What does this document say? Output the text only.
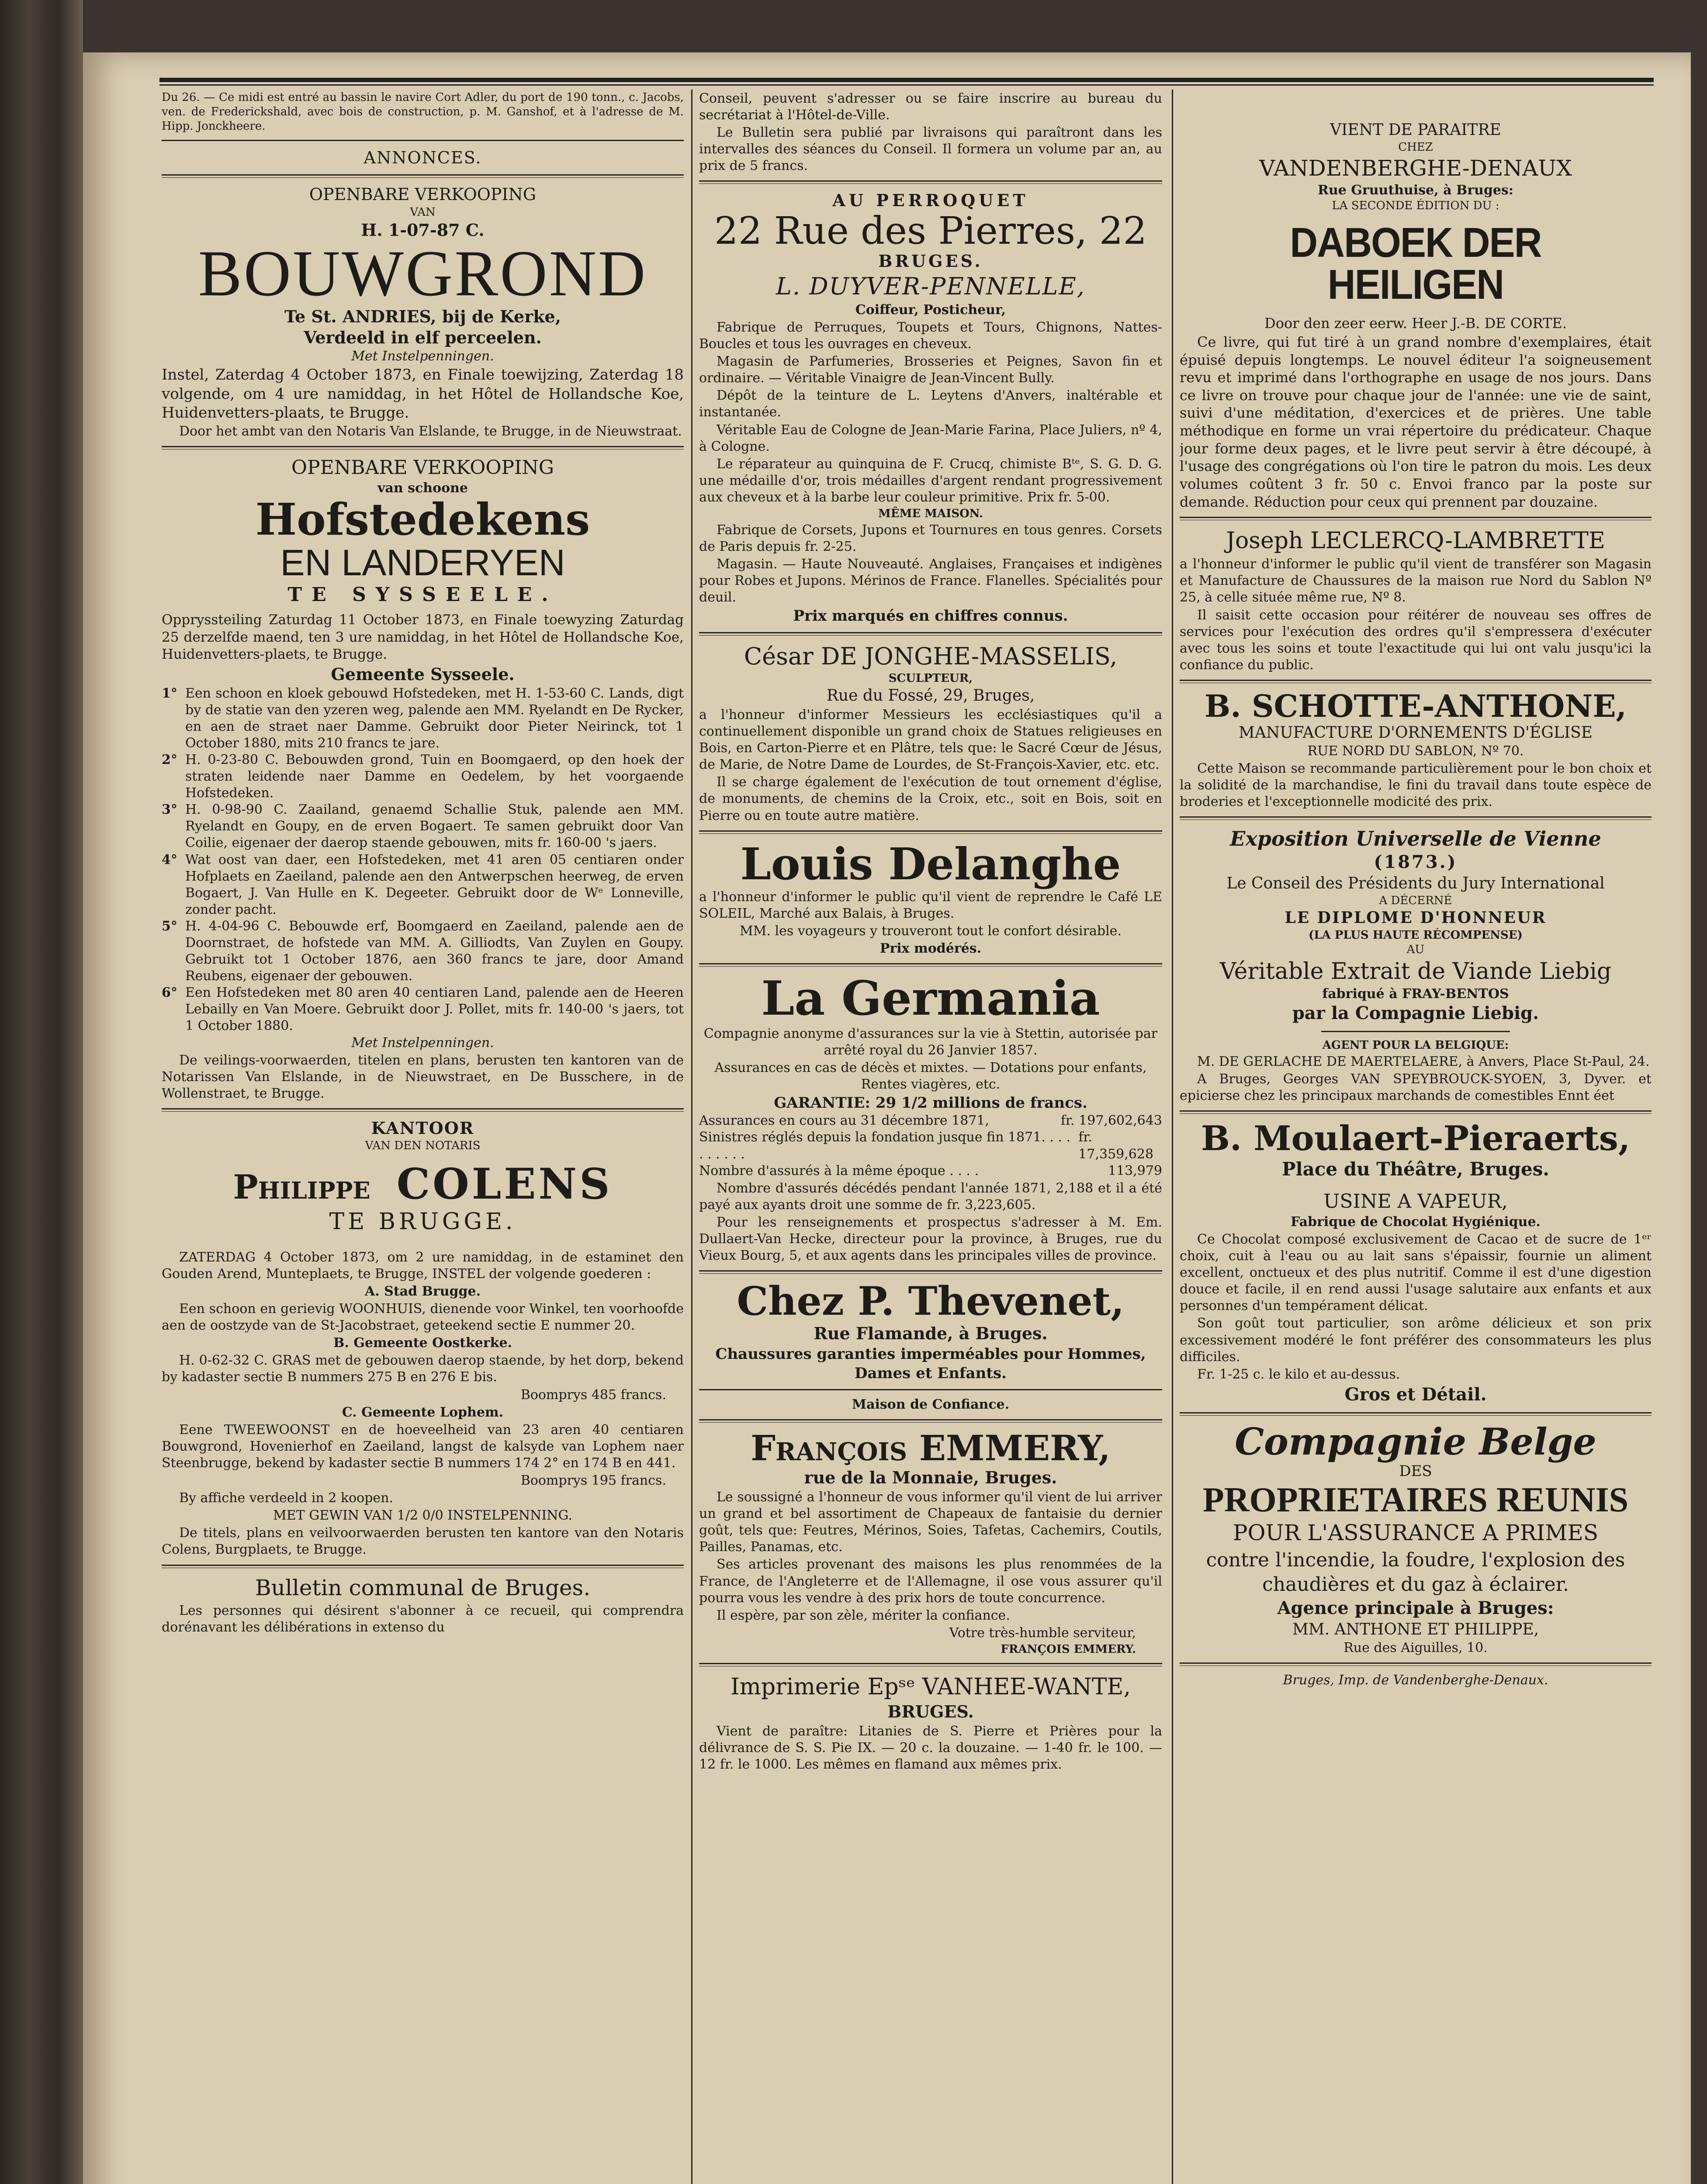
Du 26. — Ce midi est entré au bassin le navire Cort Adler, du port de 190 tonn., c. Jacobs, ven. de Frederickshald, avec bois de construction, p. M. Ganshof, et à l'adresse de M. Hipp. Jonckheere.

ANNONCES.
OPENBARE VERKOOPING
VAN
H. 1-07-87 C.
BOUWGROND
Te St. ANDRIES, bij de Kerke,
Verdeeld in elf perceelen.
Met Instelpenningen.

Instel, Zaterdag 4 October 1873, en Finale toewijzing, Zaterdag 18 volgende, om 4 ure namiddag, in het Hôtel de Hollandsche Koe, Huidenvetters-plaats, te Brugge.

Door het ambt van den Notaris Van Elslande, te Brugge, in de Nieuwstraat.

OPENBARE VERKOOPING
van schoone
Hofstedekens
EN LANDERYEN
TE SYSSEELE.

Oppryssteiling Zaturdag 11 October 1873, en Finale toewyzing Zaturdag 25 derzelfde maend, ten 3 ure namiddag, in het Hôtel de Hollandsche Koe, Huidenvetters-plaets, te Brugge.

Gemeente Sysseele.
1° Een schoon en kloek gebouwd Hofstedeken, met H. 1-53-60 C. Lands, digt by de statie van den yzeren weg, palende aen MM. Ryelandt en De Rycker, en aen de straet naer Damme. Gebruikt door Pieter Neirinck, tot 1 October 1880, mits 210 francs te jare.
2° H. 0-23-80 C. Bebouwden grond, Tuin en Boomgaerd, op den hoek der straten leidende naer Damme en Oedelem, by het voorgaende Hofstedeken.
3° H. 0-98-90 C. Zaailand, genaemd Schallie Stuk, palende aen MM. Ryelandt en Goupy, en de erven Bogaert. Te samen gebruikt door Van Coilie, eigenaer der daerop staende gebouwen, mits fr. 160-00 's jaers.
4° Wat oost van daer, een Hofstedeken, met 41 aren 05 centiaren onder Hofplaets en Zaeiland, palende aen den Antwerpschen heerweg, de erven Bogaert, J. Van Hulle en K. Degeeter. Gebruikt door de Wᵉ Lonneville, zonder pacht.
5° H. 4-04-96 C. Bebouwde erf, Boomgaerd en Zaeiland, palende aen de Doornstraet, de hofstede van MM. A. Gilliodts, Van Zuylen en Goupy. Gebruikt tot 1 October 1876, aen 360 francs te jare, door Amand Reubens, eigenaer der gebouwen.
6° Een Hofstedeken met 80 aren 40 centiaren Land, palende aen de Heeren Lebailly en Van Moere. Gebruikt door J. Pollet, mits fr. 140-00 's jaers, tot 1 October 1880.
Met Instelpenningen.

De veilings-voorwaerden, titelen en plans, berusten ten kantoren van de Notarissen Van Elslande, in de Nieuwstraet, en De Busschere, in de Wollenstraet, te Brugge.

KANTOOR
VAN DEN NOTARIS
Philippe COLENS
TE BRUGGE.

ZATERDAG 4 October 1873, om 2 ure namiddag, in de estaminet den Gouden Arend, Munteplaets, te Brugge, INSTEL der volgende goederen :

A. Stad Brugge.

Een schoon en gerievig WOONHUIS, dienende voor Winkel, ten voorhoofde aen de oostzyde van de St-Jacobstraet, geteekend sectie E nummer 20.

B. Gemeente Oostkerke.

H. 0-62-32 C. GRAS met de gebouwen daerop staende, by het dorp, bekend by kadaster sectie B nummers 275 B en 276 E bis.

Boomprys 485 francs.

C. Gemeente Lophem.

Eene TWEEWOONST en de hoeveelheid van 23 aren 40 centiaren Bouwgrond, Hovenierhof en Zaeiland, langst de kalsyde van Lophem naer Steenbrugge, bekend by kadaster sectie B nummers 174 2° en 174 B en 441.

Boomprys 195 francs.

By affiche verdeeld in 2 koopen.

MET GEWIN VAN 1/2 0/0 INSTELPENNING.

De titels, plans en veilvoorwaerden berusten ten kantore van den Notaris Colens, Burgplaets, te Brugge.

Bulletin communal de Bruges.

Les personnes qui désirent s'abonner à ce recueil, qui comprendra dorénavant les délibérations in extenso du

Conseil, peuvent s'adresser ou se faire inscrire au bureau du secrétariat à l'Hôtel-de-Ville.

Le Bulletin sera publié par livraisons qui paraîtront dans les intervalles des séances du Conseil. Il formera un volume par an, au prix de 5 francs.

AU PERROQUET
22 Rue des Pierres, 22
BRUGES.
L. DUYVER-PENNELLE,
Coiffeur, Posticheur,

Fabrique de Perruques, Toupets et Tours, Chignons, Nattes-Boucles et tous les ouvrages en cheveux.

Magasin de Parfumeries, Brosseries et Peignes, Savon fin et ordinaire. — Véritable Vinaigre de Jean-Vincent Bully.

Dépôt de la teinture de L. Leytens d'Anvers, inaltérable et instantanée.

Véritable Eau de Cologne de Jean-Marie Farina, Place Juliers, nº 4, à Cologne.

Le réparateur au quinquina de F. Crucq, chimiste Bᵗᵉ, S. G. D. G. une médaille d'or, trois médailles d'argent rendant progressivement aux cheveux et à la barbe leur couleur primitive. Prix fr. 5-00.

MÊME MAISON.

Fabrique de Corsets, Jupons et Tournures en tous genres. Corsets de Paris depuis fr. 2-25.

Magasin. — Haute Nouveauté. Anglaises, Françaises et indigènes pour Robes et Jupons. Mérinos de France. Flanelles. Spécialités pour deuil.

Prix marqués en chiffres connus.
César DE JONGHE-MASSELIS,
SCULPTEUR,
Rue du Fossé, 29, Bruges,

a l'honneur d'informer Messieurs les ecclésiastiques qu'il a continuellement disponible un grand choix de Statues religieuses en Bois, en Carton-Pierre et en Plâtre, tels que: le Sacré Cœur de Jésus, de Marie, de Notre Dame de Lourdes, de St-François-Xavier, etc. etc.

Il se charge également de l'exécution de tout ornement d'église, de monuments, de chemins de la Croix, etc., soit en Bois, soit en Pierre ou en toute autre matière.

Louis Delanghe

a l'honneur d'informer le public qu'il vient de reprendre le Café LE SOLEIL, Marché aux Balais, à Bruges.

MM. les voyageurs y trouveront tout le confort désirable.

Prix modérés.
La Germania

Compagnie anonyme d'assurances sur la vie à Stettin, autorisée par arrêté royal du 26 Janvier 1857.

Assurances en cas de décès et mixtes. — Dotations pour enfants, Rentes viagères, etc.

GARANTIE: 29 1/2 millions de francs.
Assurances en cours au 31 décembre 1871,	fr. 197,602,643
Sinistres réglés depuis la fondation jusque fin 1871. . . . . . . . . .
fr. 17,359,628
Nombre d'assurés à la même époque . . . .	113,979

Nombre d'assurés décédés pendant l'année 1871, 2,188 et il a été payé aux ayants droit une somme de fr. 3,223,605.

Pour les renseignements et prospectus s'adresser à M. Em. Dullaert-Van Hecke, directeur pour la province, à Bruges, rue du Vieux Bourg, 5, et aux agents dans les principales villes de province.

Chez P. Thevenet,
Rue Flamande, à Bruges.

Chaussures garanties imperméables pour Hommes, Dames et Enfants.

Maison de Confiance.
François EMMERY,
rue de la Monnaie, Bruges.

Le soussigné a l'honneur de vous informer qu'il vient de lui arriver un grand et bel assortiment de Chapeaux de fantaisie du dernier goût, tels que: Feutres, Mérinos, Soies, Tafetas, Cachemirs, Coutils, Pailles, Panamas, etc.

Ses articles provenant des maisons les plus renommées de la France, de l'Angleterre et de l'Allemagne, il ose vous assurer qu'il pourra vous les vendre à des prix hors de toute concurrence.

Il espère, par son zèle, mériter la confiance.

Votre très-humble serviteur,

FRANÇOIS EMMERY.

Imprimerie Epˢᵉ VANHEE-WANTE,
BRUGES.

Vient de paraître: Litanies de S. Pierre et Prières pour la délivrance de S. S. Pie IX. — 20 c. la douzaine. — 1-40 fr. le 100. — 12 fr. le 1000. Les mêmes en flamand aux mêmes prix.

VIENT DE PARAITRE
CHEZ
VANDENBERGHE-DENAUX
Rue Gruuthuise, à Bruges:
LA SECONDE ÉDITION DU :
DABOEK DER HEILIGEN
Door den zeer eerw. Heer J.-B. DE CORTE.

Ce livre, qui fut tiré à un grand nombre d'exemplaires, était épuisé depuis longtemps. Le nouvel éditeur l'a soigneusement revu et imprimé dans l'orthographe en usage de nos jours. Dans ce livre on trouve pour chaque jour de l'année: une vie de saint, suivi d'une méditation, d'exercices et de prières. Une table méthodique en forme un vrai répertoire du prédicateur. Chaque jour forme deux pages, et le livre peut servir à être découpé, à l'usage des congrégations où l'on tire le patron du mois. Les deux volumes coûtent 3 fr. 50 c. Envoi franco par la poste sur demande. Réduction pour ceux qui prennent par douzaine.

Joseph LECLERCQ-LAMBRETTE

a l'honneur d'informer le public qu'il vient de transférer son Magasin et Manufacture de Chaussures de la maison rue Nord du Sablon Nº 25, à celle située même rue, Nº 8.

Il saisit cette occasion pour réitérer de nouveau ses offres de services pour l'exécution des ordres qu'il s'empressera d'exécuter avec tous les soins et toute l'exactitude qui lui ont valu jusqu'ici la confiance du public.

B. SCHOTTE-ANTHONE,
MANUFACTURE D'ORNEMENTS D'ÉGLISE
RUE NORD DU SABLON, Nº 70.

Cette Maison se recommande particulièrement pour le bon choix et la solidité de la marchandise, le fini du travail dans toute espèce de broderies et l'exceptionnelle modicité des prix.

Exposition Universelle de Vienne
(1873.)
Le Conseil des Présidents du Jury International
A DÉCERNÉ
LE DIPLOME D'HONNEUR
(LA PLUS HAUTE RÉCOMPENSE)
AU
Véritable Extrait de Viande Liebig
fabriqué à FRAY-BENTOS
par la Compagnie Liebig.
AGENT POUR LA BELGIQUE:

M. DE GERLACHE DE MAERTELAERE, à Anvers, Place St-Paul, 24.

A Bruges, Georges VAN SPEYBROUCK-SYOEN, 3, Dyver. et epicierse chez les principaux marchands de comestibles Ennt éet

B. Moulaert-Pieraerts,
Place du Théâtre, Bruges.
USINE A VAPEUR,
Fabrique de Chocolat Hygiénique.

Ce Chocolat composé exclusivement de Cacao et de sucre de 1ᵉʳ choix, cuit à l'eau ou au lait sans s'épaissir, fournie un aliment excellent, onctueux et des plus nutritif. Comme il est d'une digestion douce et facile, il en rend aussi l'usage salutaire aux enfants et aux personnes d'un tempérament délicat.

Son goût tout particulier, son arôme délicieux et son prix excessivement modéré le font préférer des consommateurs les plus difficiles.

Fr. 1-25 c. le kilo et au-dessus.

Gros et Détail.
Compagnie Belge
DES
PROPRIETAIRES REUNIS
POUR L'ASSURANCE A PRIMES

contre l'incendie, la foudre, l'explosion des chaudières et du gaz à éclairer.

Agence principale à Bruges:
MM. ANTHONE ET PHILIPPE,
Rue des Aiguilles, 10.
Bruges, Imp. de Vandenberghe-Denaux.
